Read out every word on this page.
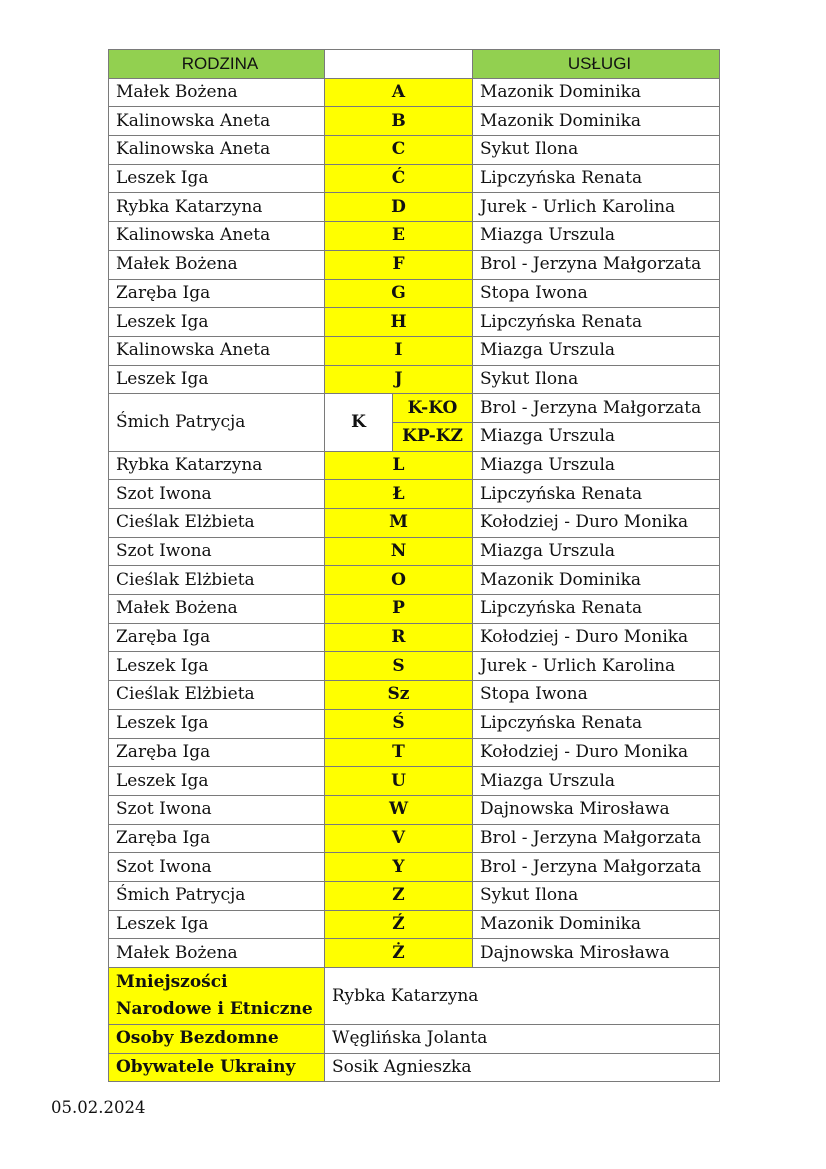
RODZINA			USŁUGI
Małek Bożena	A		Mazonik Dominika
Kalinowska Aneta	B		Mazonik Dominika
Kalinowska Aneta	C		Sykut Ilona
Leszek Iga	Ć		Lipczyńska Renata
Rybka Katarzyna	D		Jurek - Urlich Karolina
Kalinowska Aneta	E		Miazga Urszula
Małek Bożena	F		Brol - Jerzyna Małgorzata
Zaręba Iga	G		Stopa Iwona
Leszek Iga	H		Lipczyńska Renata
Kalinowska Aneta	I		Miazga Urszula
Leszek Iga	J		Sykut Ilona
Śmich Patrycja	K	K-KO	Brol - Jerzyna Małgorzata
		KP-KZ	Miazga Urszula
Rybka Katarzyna	L		Miazga Urszula
Szot Iwona	Ł		Lipczyńska Renata
Cieślak Elżbieta	M		Kołodziej - Duro Monika
Szot Iwona	N		Miazga Urszula
Cieślak Elżbieta	O		Mazonik Dominika
Małek Bożena	P		Lipczyńska Renata
Zaręba Iga	R		Kołodziej - Duro Monika
Leszek Iga	S		Jurek - Urlich Karolina
Cieślak Elżbieta	Sz		Stopa Iwona
Leszek Iga	Ś		Lipczyńska Renata
Zaręba Iga	T		Kołodziej - Duro Monika
Leszek Iga	U		Miazga Urszula
Szot Iwona	W		Dajnowska Mirosława
Zaręba Iga	V		Brol - Jerzyna Małgorzata
Szot Iwona	Y		Brol - Jerzyna Małgorzata
Śmich Patrycja	Z		Sykut Ilona
Leszek Iga	Ź		Mazonik Dominika
Małek Bożena	Ż		Dajnowska Mirosława
Mniejszości Narodowe i Etniczne	Rybka Katarzyna		
Osoby Bezdomne	Węglińska Jolanta		
Obywatele Ukrainy	Sosik Agnieszka		
05.02.2024
